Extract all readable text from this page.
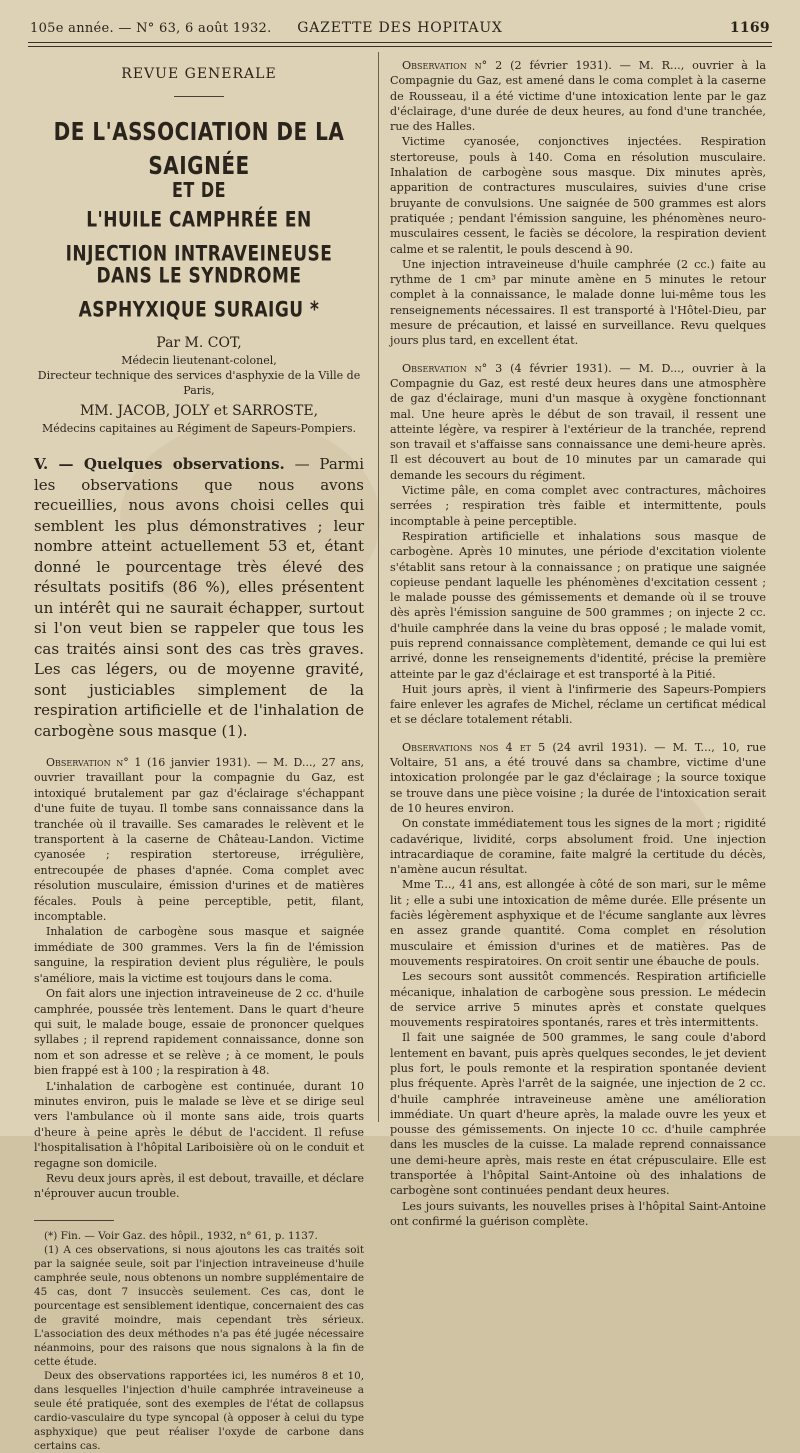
105e année. — N° 63, 6 août 1932.	GAZETTE DES HOPITAUX	1169
REVUE GENERALE
DE L'ASSOCIATION DE LA SAIGNÉE
ET DE
L'HUILE CAMPHRÉE EN INJECTION INTRAVEINEUSE
DANS LE SYNDROME ASPHYXIQUE SURAIGU *
Par M. COT,
Médecin lieutenant-colonel,
Directeur technique des services d'asphyxie de la Ville de Paris,
MM. JACOB, JOLY et SARROSTE,
Médecins capitaines au Régiment de Sapeurs-Pompiers.

V. — Quelques observations. — Parmi les observations que nous avons recueillies, nous avons choisi celles qui semblent les plus démonstratives ; leur nombre atteint actuellement 53 et, étant donné le pourcentage très élevé des résultats positifs (86 %), elles présentent un intérêt qui ne saurait échapper, surtout si l'on veut bien se rappeler que tous les cas traités ainsi sont des cas très graves. Les cas légers, ou de moyenne gravité, sont justiciables simplement de la respiration artificielle et de l'inhalation de carbogène sous masque (1).

Observation n° 1 (16 janvier 1931). — M. D..., 27 ans, ouvrier travaillant pour la compagnie du Gaz, est intoxiqué brutalement par gaz d'éclairage s'échappant d'une fuite de tuyau. Il tombe sans connaissance dans la tranchée où il travaille. Ses camarades le relèvent et le transportent à la caserne de Château-Landon. Victime cyanosée ; respiration stertoreuse, irrégulière, entrecoupée de phases d'apnée. Coma complet avec résolution musculaire, émission d'urines et de matières fécales. Pouls à peine perceptible, petit, filant, incomptable.

Inhalation de carbogène sous masque et saignée immédiate de 300 grammes. Vers la fin de l'émission sanguine, la respiration devient plus régulière, le pouls s'améliore, mais la victime est toujours dans le coma.

On fait alors une injection intraveineuse de 2 cc. d'huile camphrée, poussée très lentement. Dans le quart d'heure qui suit, le malade bouge, essaie de prononcer quelques syllabes ; il reprend rapidement connaissance, donne son nom et son adresse et se relève ; à ce moment, le pouls bien frappé est à 100 ; la respiration à 48.

L'inhalation de carbogène est continuée, durant 10 minutes environ, puis le malade se lève et se dirige seul vers l'ambulance où il monte sans aide, trois quarts d'heure à peine après le début de l'accident. Il refuse l'hospitalisation à l'hôpital Lariboisière où on le conduit et regagne son domicile.

Revu deux jours après, il est debout, travaille, et déclare n'éprouver aucun trouble.

(*) Fin. — Voir Gaz. des hôpil., 1932, n° 61, p. 1137.

(1) A ces observations, si nous ajoutons les cas traités soit par la saignée seule, soit par l'injection intraveineuse d'huile camphrée seule, nous obtenons un nombre supplémentaire de 45 cas, dont 7 insuccès seulement. Ces cas, dont le pourcentage est sensiblement identique, concernaient des cas de gravité moindre, mais cependant très sérieux. L'association des deux méthodes n'a pas été jugée nécessaire néanmoins, pour des raisons que nous signalons à la fin de cette étude.

Deux des observations rapportées ici, les numéros 8 et 10, dans lesquelles l'injection d'huile camphrée intraveineuse a seule été pratiquée, sont des exemples de l'état de collapsus cardio-vasculaire du type syncopal (à opposer à celui du type asphyxique) que peut réaliser l'oxyde de carbone dans certains cas.

Observation n° 2 (2 février 1931). — M. R..., ouvrier à la Compagnie du Gaz, est amené dans le coma complet à la caserne de Rousseau, il a été victime d'une intoxication lente par le gaz d'éclairage, d'une durée de deux heures, au fond d'une tranchée, rue des Halles.

Victime cyanosée, conjonctives injectées. Respiration stertoreuse, pouls à 140. Coma en résolution musculaire. Inhalation de carbogène sous masque. Dix minutes après, apparition de contractures musculaires, suivies d'une crise bruyante de convulsions. Une saignée de 500 grammes est alors pratiquée ; pendant l'émission sanguine, les phénomènes neuro-musculaires cessent, le faciès se décolore, la respiration devient calme et se ralentit, le pouls descend à 90.

Une injection intraveineuse d'huile camphrée (2 cc.) faite au rythme de 1 cm³ par minute amène en 5 minutes le retour complet à la connaissance, le malade donne lui-même tous les renseignements nécessaires. Il est transporté à l'Hôtel-Dieu, par mesure de précaution, et laissé en surveillance. Revu quelques jours plus tard, en excellent état.

Observation n° 3 (4 février 1931). — M. D..., ouvrier à la Compagnie du Gaz, est resté deux heures dans une atmosphère de gaz d'éclairage, muni d'un masque à oxygène fonctionnant mal. Une heure après le début de son travail, il ressent une atteinte légère, va respirer à l'extérieur de la tranchée, reprend son travail et s'affaisse sans connaissance une demi-heure après. Il est découvert au bout de 10 minutes par un camarade qui demande les secours du régiment.

Victime pâle, en coma complet avec contractures, mâchoires serrées ; respiration très faible et intermittente, pouls incomptable à peine perceptible.

Respiration artificielle et inhalations sous masque de carbogène. Après 10 minutes, une période d'excitation violente s'établit sans retour à la connaissance ; on pratique une saignée copieuse pendant laquelle les phénomènes d'excitation cessent ; le malade pousse des gémissements et demande où il se trouve dès après l'émission sanguine de 500 grammes ; on injecte 2 cc. d'huile camphrée dans la veine du bras opposé ; le malade vomit, puis reprend connaissance complètement, demande ce qui lui est arrivé, donne les renseignements d'identité, précise la première atteinte par le gaz d'éclairage et est transporté à la Pitié.

Huit jours après, il vient à l'infirmerie des Sapeurs-Pompiers faire enlever les agrafes de Michel, réclame un certificat médical et se déclare totalement rétabli.

Observations nos 4 et 5 (24 avril 1931). — M. T..., 10, rue Voltaire, 51 ans, a été trouvé dans sa chambre, victime d'une intoxication prolongée par le gaz d'éclairage ; la source toxique se trouve dans une pièce voisine ; la durée de l'intoxication serait de 10 heures environ.

On constate immédiatement tous les signes de la mort ; rigidité cadavérique, lividité, corps absolument froid. Une injection intracardiaque de coramine, faite malgré la certitude du décès, n'amène aucun résultat.

Mme T..., 41 ans, est allongée à côté de son mari, sur le même lit ; elle a subi une intoxication de même durée. Elle présente un faciès légèrement asphyxique et de l'écume sanglante aux lèvres en assez grande quantité. Coma complet en résolution musculaire et émission d'urines et de matières. Pas de mouvements respiratoires. On croit sentir une ébauche de pouls.

Les secours sont aussitôt commencés. Respiration artificielle mécanique, inhalation de carbogène sous pression. Le médecin de service arrive 5 minutes après et constate quelques mouvements respiratoires spontanés, rares et très intermittents.

Il fait une saignée de 500 grammes, le sang coule d'abord lentement en bavant, puis après quelques secondes, le jet devient plus fort, le pouls remonte et la respiration spontanée devient plus fréquente. Après l'arrêt de la saignée, une injection de 2 cc. d'huile camphrée intraveineuse amène une amélioration immédiate. Un quart d'heure après, la malade ouvre les yeux et pousse des gémissements. On injecte 10 cc. d'huile camphrée dans les muscles de la cuisse. La malade reprend connaissance une demi-heure après, mais reste en état crépusculaire. Elle est transportée à l'hôpital Saint-Antoine où des inhalations de carbogène sont continuées pendant deux heures.

Les jours suivants, les nouvelles prises à l'hôpital Saint-Antoine ont confirmé la guérison complète.
